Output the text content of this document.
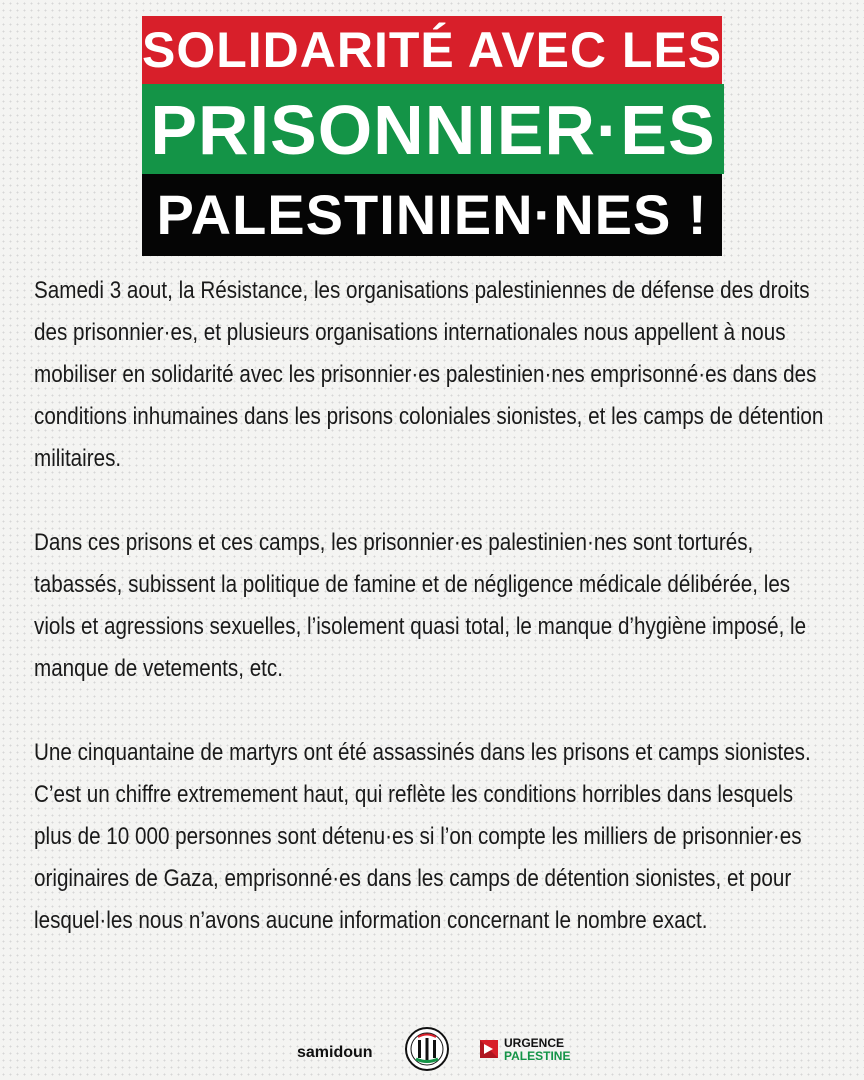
SOLIDARITÉ AVEC LES
PRISONNIER·ES
PALESTINIEN·NES !

Samedi 3 aout, la Résistance, les organisations palestiniennes de défense des droits des prisonnier·es, et plusieurs organisations internationales nous appellent à nous mobiliser en solidarité avec les prisonnier·es palestinien·nes emprisonné·es dans des conditions inhumaines dans les prisons coloniales sionistes, et les camps de détention militaires.

Dans ces prisons et ces camps, les prisonnier·es palestinien·nes sont torturés, tabassés, subissent la politique de famine et de négligence médicale délibérée, les viols et agressions sexuelles, l’isolement quasi total, le manque d’hygiène imposé, le manque de vetements, etc.

Une cinquantaine de martyrs ont été assassinés dans les prisons et camps sionistes. C’est un chiffre extremement haut, qui reflète les conditions horribles dans lesquels plus de 10 000 personnes sont détenu·es si l’on compte les milliers de prisonnier·es originaires de Gaza, emprisonné·es dans les camps de détention sionistes, et pour lesquel·les nous n’avons aucune information concernant le nombre exact.

samidoun
URGENCE
PALESTINE
